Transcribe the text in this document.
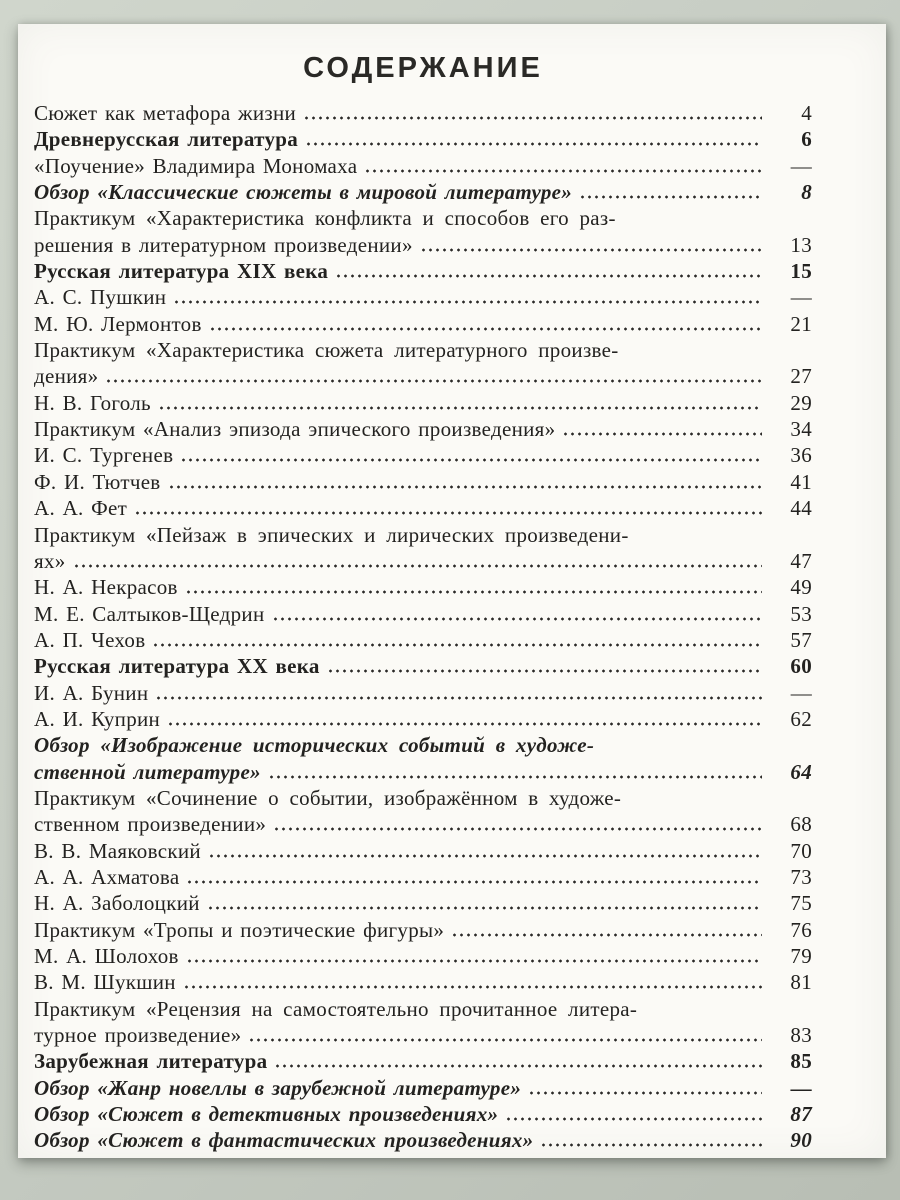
СОДЕРЖАНИЕ
Сюжет как метафора жизни	4
Древнерусская литература	6
«Поучение» Владимира Мономаха	—
Обзор «Классические сюжеты в мировой литературе»	8
Практикум «Характеристика конфликта и способов его раз-
решения в литературном произведении»	13
Русская литература XIX века	15
А. С. Пушкин	—
М. Ю. Лермонтов	21
Практикум «Характеристика сюжета литературного произве-
дения»	27
Н. В. Гоголь	29
Практикум «Анализ эпизода эпического произведения»	34
И. С. Тургенев	36
Ф. И. Тютчев	41
А. А. Фет	44
Практикум «Пейзаж в эпических и лирических произведени-
ях»	47
Н. А. Некрасов	49
М. Е. Салтыков-Щедрин	53
А. П. Чехов	57
Русская литература XX века	60
И. А. Бунин	—
А. И. Куприн	62
Обзор «Изображение исторических событий в художе-
ственной литературе»	64
Практикум «Сочинение о событии, изображённом в художе-
ственном произведении»	68
В. В. Маяковский	70
А. А. Ахматова	73
Н. А. Заболоцкий	75
Практикум «Тропы и поэтические фигуры»	76
М. А. Шолохов	79
В. М. Шукшин	81
Практикум «Рецензия на самостоятельно прочитанное литера-
турное произведение»	83
Зарубежная литература	85
Обзор «Жанр новеллы в зарубежной литературе»	—
Обзор «Сюжет в детективных произведениях»	87
Обзор «Сюжет в фантастических произведениях»	90
